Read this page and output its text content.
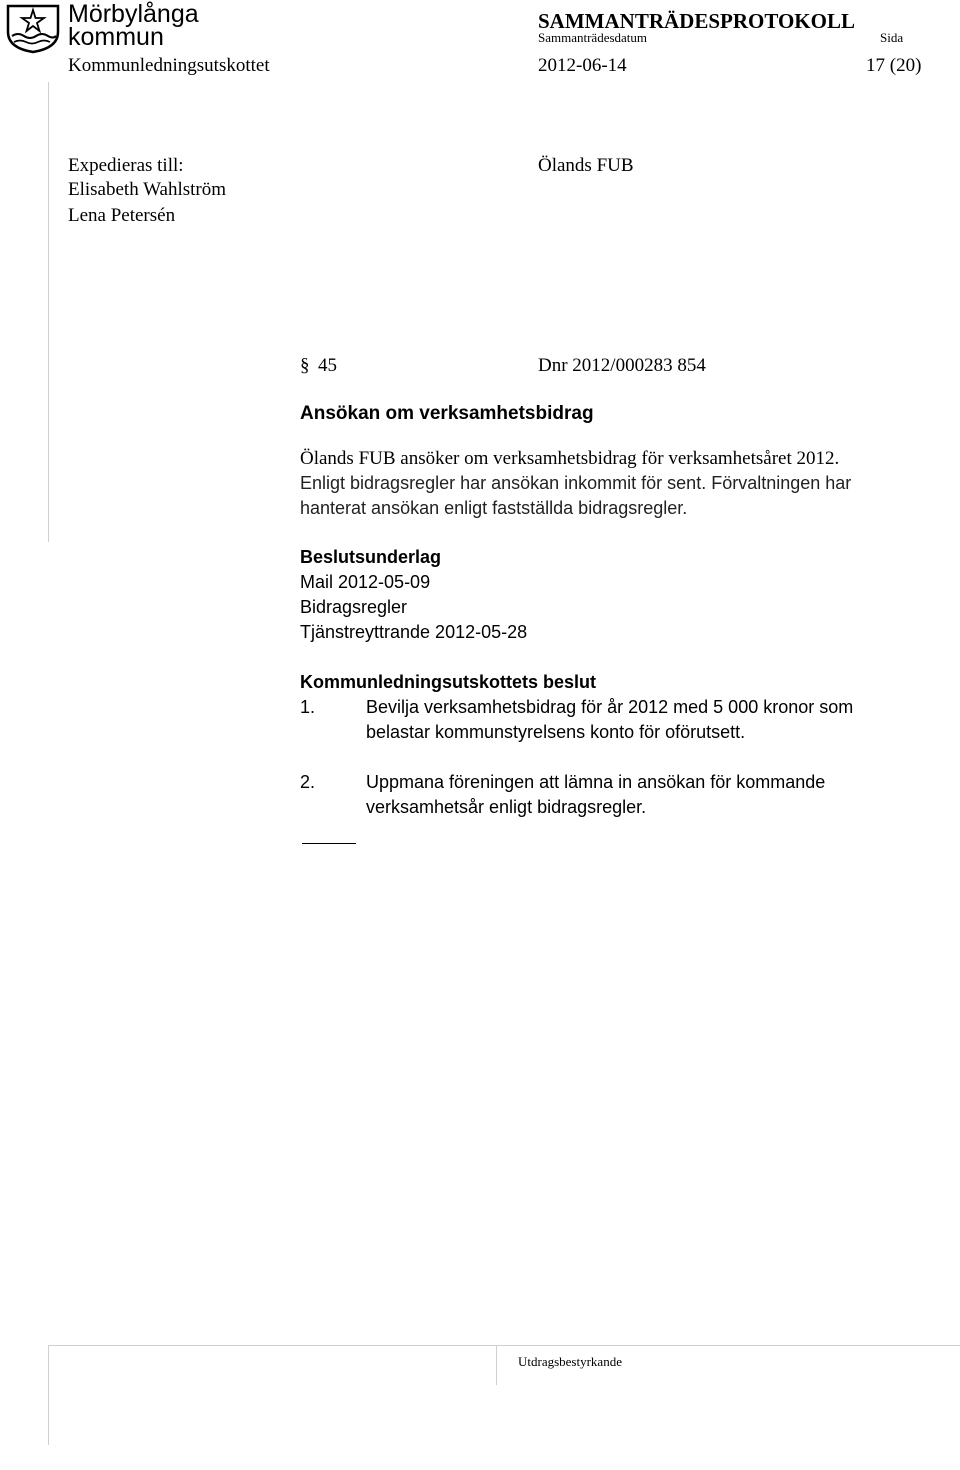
Mörbylånga
kommun
SAMMANTRÄDESPROTOKOLL
Sammanträdesdatum	Sida
Kommunledningsutskottet	2012-06-14	17 (20)
Expedieras till:
Elisabeth Wahlström
Lena Petersén
Ölands FUB
§ 45	Dnr 2012/000283 854
Ansökan om verksamhetsbidrag
Ölands FUB ansöker om verksamhetsbidrag för verksamhetsåret 2012.
Enligt bidragsregler har ansökan inkommit för sent. Förvaltningen har
hanterat ansökan enligt fastställda bidragsregler.
Beslutsunderlag
Mail 2012-05-09
Bidragsregler
Tjänstreyttrande 2012-05-28
Kommunledningsutskottets beslut
1.	Bevilja verksamhetsbidrag för år 2012 med 5 000 kronor som
belastar kommunstyrelsens konto för oförutsett.
2.	Uppmana föreningen att lämna in ansökan för kommande
verksamhetsår enligt bidragsregler.
Utdragsbestyrkande
